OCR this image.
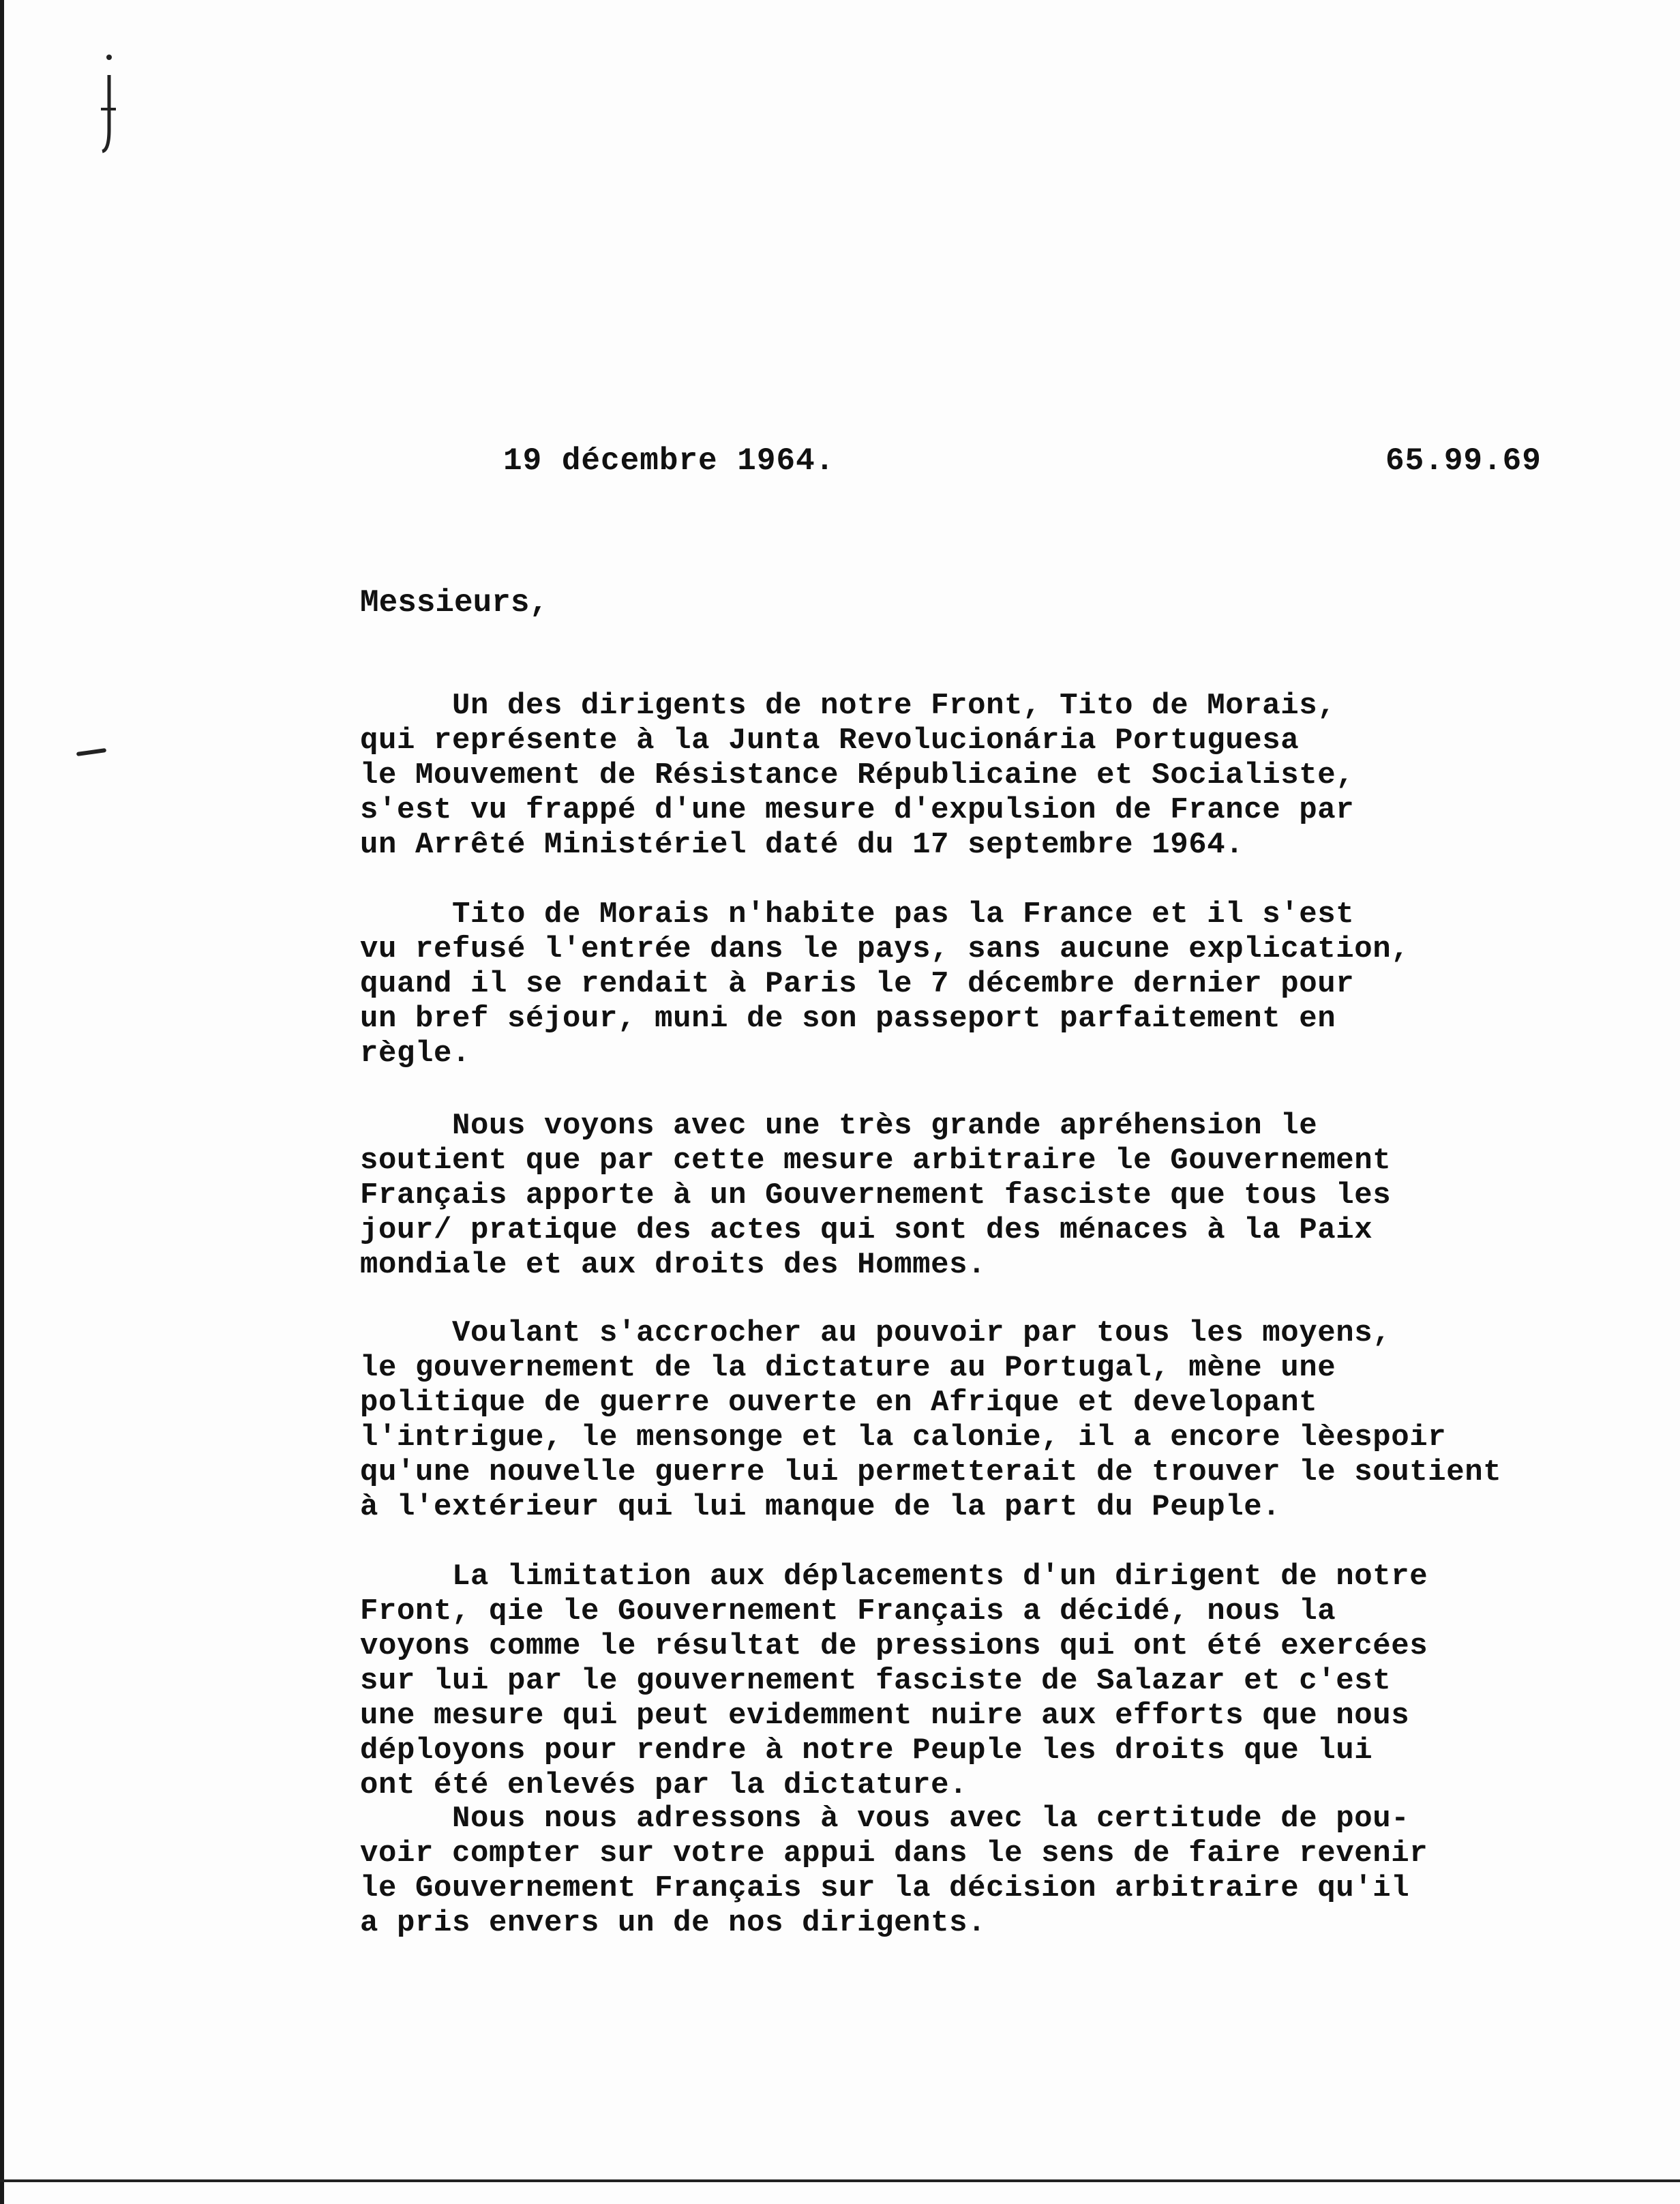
19 décembre 1964.	65.99.69
Messieurs,
Un des dirigents de notre Front, Tito de Morais,
qui représente à la Junta Revolucionária Portuguesa
le Mouvement de Résistance Républicaine et Socialiste,
s'est vu frappé d'une mesure d'expulsion de France par
un Arrêté Ministériel daté du 17 septembre 1964.
Tito de Morais n'habite pas la France et il s'est
vu refusé l'entrée dans le pays, sans aucune explication,
quand il se rendait à Paris le 7 décembre dernier pour
un bref séjour, muni de son passeport parfaitement en
règle.
Nous voyons avec une très grande apréhension le
soutient que par cette mesure arbitraire le Gouvernement
Français apporte à un Gouvernement fasciste que tous les
jour/ pratique des actes qui sont des ménaces à la Paix
mondiale et aux droits des Hommes.
Voulant s'accrocher au pouvoir par tous les moyens,
le gouvernement de la dictature au Portugal, mène une
politique de guerre ouverte en Afrique et developant
l'intrigue, le mensonge et la calonie, il a encore lèespoir
qu'une nouvelle guerre lui permetterait de trouver le soutient
à l'extérieur qui lui manque de la part du Peuple.
La limitation aux déplacements d'un dirigent de notre
Front, qie le Gouvernement Français a décidé, nous la
voyons comme le résultat de pressions qui ont été exercées
sur lui par le gouvernement fasciste de Salazar et c'est
une mesure qui peut evidemment nuire aux efforts que nous
déployons pour rendre à notre Peuple les droits que lui
ont été enlevés par la dictature.
Nous nous adressons à vous avec la certitude de pou-
voir compter sur votre appui dans le sens de faire revenir
le Gouvernement Français sur la décision arbitraire qu'il
a pris envers un de nos dirigents.
